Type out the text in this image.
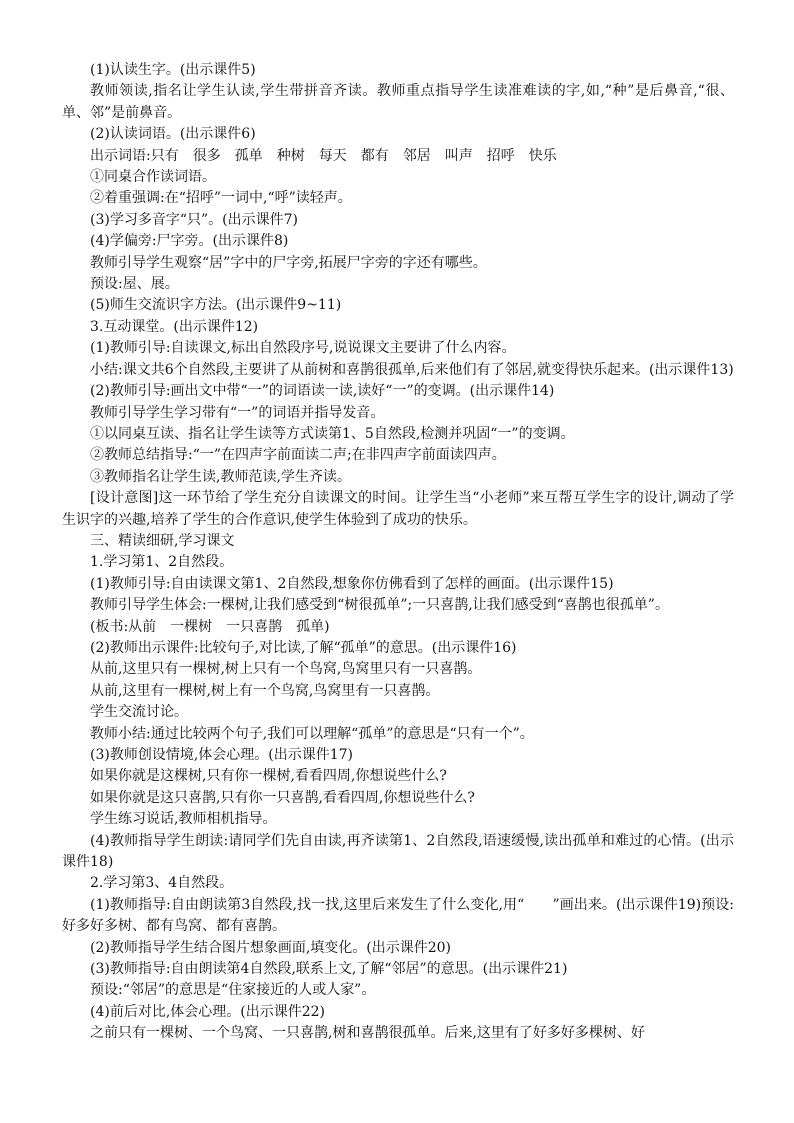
(1)认读生字。(出示课件5)

教师领读,指名让学生认读,学生带拼音齐读。教师重点指导学生读准难读的字,如,“种”是后鼻音,“很、单、邻”是前鼻音。

(2)认读词语。(出示课件6)

出示词语:只有　很多　孤单　种树　每天　都有　邻居　叫声　招呼　快乐

①同桌合作读词语。

②着重强调:在“招呼”一词中,“呼”读轻声。

(3)学习多音字“只”。(出示课件7)

(4)学偏旁:尸字旁。(出示课件8)

教师引导学生观察“居”字中的尸字旁,拓展尸字旁的字还有哪些。

预设:屋、展。

(5)师生交流识字方法。(出示课件9~11)

3.互动课堂。(出示课件12)

(1)教师引导:自读课文,标出自然段序号,说说课文主要讲了什么内容。

小结:课文共6个自然段,主要讲了从前树和喜鹊很孤单,后来他们有了邻居,就变得快乐起来。(出示课件13)

(2)教师引导:画出文中带“一”的词语读一读,读好“一”的变调。(出示课件14)

教师引导学生学习带有“一”的词语并指导发音。

①以同桌互读、指名让学生读等方式读第1、5自然段,检测并巩固“一”的变调。

②教师总结指导:“一”在四声字前面读二声;在非四声字前面读四声。

③教师指名让学生读,教师范读,学生齐读。

[设计意图]这一环节给了学生充分自读课文的时间。让学生当“小老师”来互帮互学生字的设计,调动了学生识字的兴趣,培养了学生的合作意识,使学生体验到了成功的快乐。

三、精读细研,学习课文

1.学习第1、2自然段。

(1)教师引导:自由读课文第1、2自然段,想象你仿佛看到了怎样的画面。(出示课件15)

教师引导学生体会:一棵树,让我们感受到“树很孤单”;一只喜鹊,让我们感受到“喜鹊也很孤单”。

(板书:从前　一棵树　一只喜鹊　孤单)

(2)教师出示课件:比较句子,对比读,了解“孤单”的意思。(出示课件16)

从前,这里只有一棵树,树上只有一个鸟窝,鸟窝里只有一只喜鹊。

从前,这里有一棵树,树上有一个鸟窝,鸟窝里有一只喜鹊。

学生交流讨论。

教师小结:通过比较两个句子,我们可以理解“孤单”的意思是“只有一个”。

(3)教师创设情境,体会心理。(出示课件17)

如果你就是这棵树,只有你一棵树,看看四周,你想说些什么?

如果你就是这只喜鹊,只有你一只喜鹊,看看四周,你想说些什么?

学生练习说话,教师相机指导。

(4)教师指导学生朗读:请同学们先自由读,再齐读第1、2自然段,语速缓慢,读出孤单和难过的心情。(出示课件18)

2.学习第3、4自然段。

(1)教师指导:自由朗读第3自然段,找一找,这里后来发生了什么变化,用“　　”画出来。(出示课件19)预设:好多好多树、都有鸟窝、都有喜鹊。

(2)教师指导学生结合图片想象画面,填变化。(出示课件20)

(3)教师指导:自由朗读第4自然段,联系上文,了解“邻居”的意思。(出示课件21)

预设:“邻居”的意思是“住家接近的人或人家”。

(4)前后对比,体会心理。(出示课件22)

之前只有一棵树、一个鸟窝、一只喜鹊,树和喜鹊很孤单。后来,这里有了好多好多棵树、好
